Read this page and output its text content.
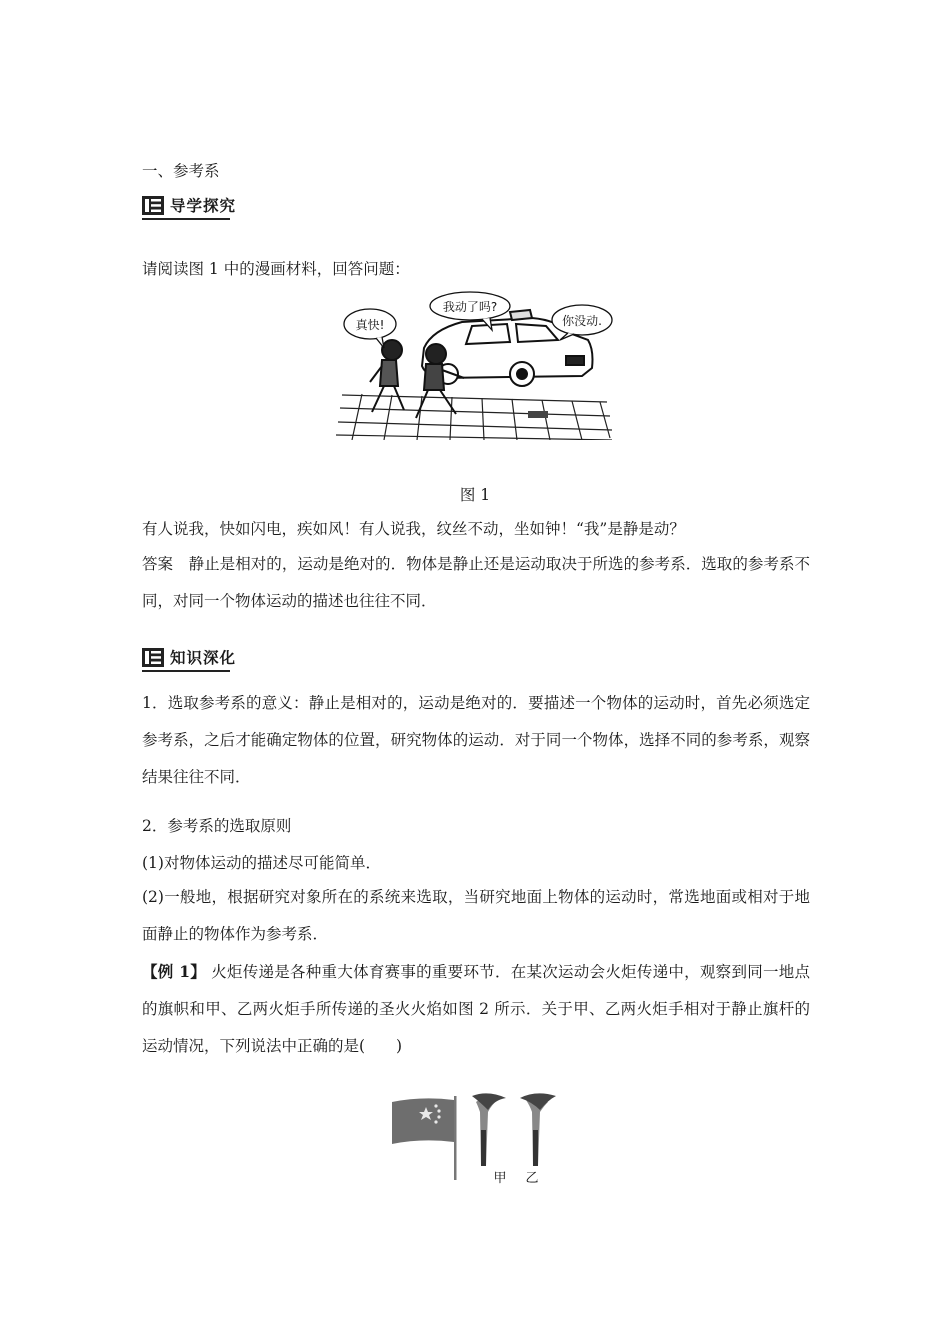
一、参考系
导学探究
请阅读图 1 中的漫画材料，回答问题：
真快!
我动了吗?
你没动.
图 1
有人说我，快如闪电，疾如风！有人说我，纹丝不动，坐如钟！“我”是静是动？
答案　静止是相对的，运动是绝对的．物体是静止还是运动取决于所选的参考系．选取的参考系不同，对同一个物体运动的描述也往往不同．
知识深化
1．选取参考系的意义：静止是相对的，运动是绝对的．要描述一个物体的运动时，首先必须选定参考系，之后才能确定物体的位置，研究物体的运动．对于同一个物体，选择不同的参考系，观察结果往往不同．
2．参考系的选取原则
(1)对物体运动的描述尽可能简单．
(2)一般地，根据研究对象所在的系统来选取，当研究地面上物体的运动时，常选地面或相对于地面静止的物体作为参考系．
【例 1】 火炬传递是各种重大体育赛事的重要环节．在某次运动会火炬传递中，观察到同一地点的旗帜和甲、乙两火炬手所传递的圣火火焰如图 2 所示．关于甲、乙两火炬手相对于静止旗杆的运动情况，下列说法中正确的是(　　)
甲 乙
